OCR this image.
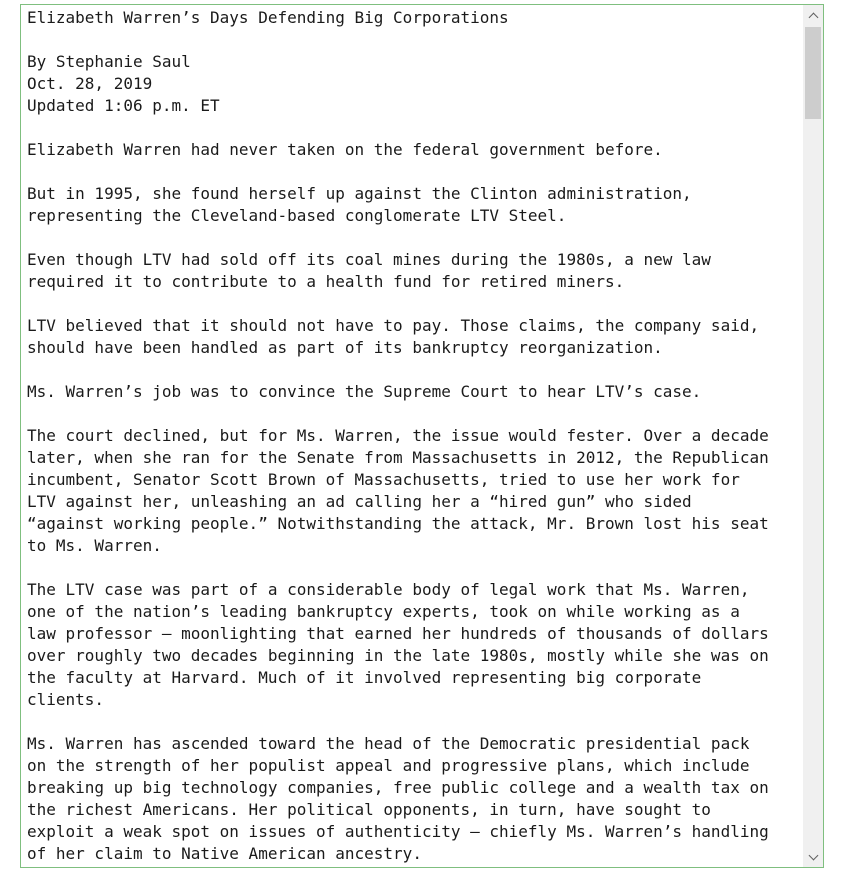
Elizabeth Warren’s Days Defending Big Corporations

By Stephanie Saul
Oct. 28, 2019
Updated 1:06 p.m. ET

Elizabeth Warren had never taken on the federal government before.

But in 1995, she found herself up against the Clinton administration,
representing the Cleveland-based conglomerate LTV Steel.

Even though LTV had sold off its coal mines during the 1980s, a new law
required it to contribute to a health fund for retired miners.

LTV believed that it should not have to pay. Those claims, the company said,
should have been handled as part of its bankruptcy reorganization.

Ms. Warren’s job was to convince the Supreme Court to hear LTV’s case.

The court declined, but for Ms. Warren, the issue would fester. Over a decade
later, when she ran for the Senate from Massachusetts in 2012, the Republican
incumbent, Senator Scott Brown of Massachusetts, tried to use her work for
LTV against her, unleashing an ad calling her a “hired gun” who sided
“against working people.” Notwithstanding the attack, Mr. Brown lost his seat
to Ms. Warren.

The LTV case was part of a considerable body of legal work that Ms. Warren,
one of the nation’s leading bankruptcy experts, took on while working as a
law professor — moonlighting that earned her hundreds of thousands of dollars
over roughly two decades beginning in the late 1980s, mostly while she was on
the faculty at Harvard. Much of it involved representing big corporate
clients.

Ms. Warren has ascended toward the head of the Democratic presidential pack
on the strength of her populist appeal and progressive plans, which include
breaking up big technology companies, free public college and a wealth tax on
the richest Americans. Her political opponents, in turn, have sought to
exploit a weak spot on issues of authenticity — chiefly Ms. Warren’s handling
of her claim to Native American ancestry.
